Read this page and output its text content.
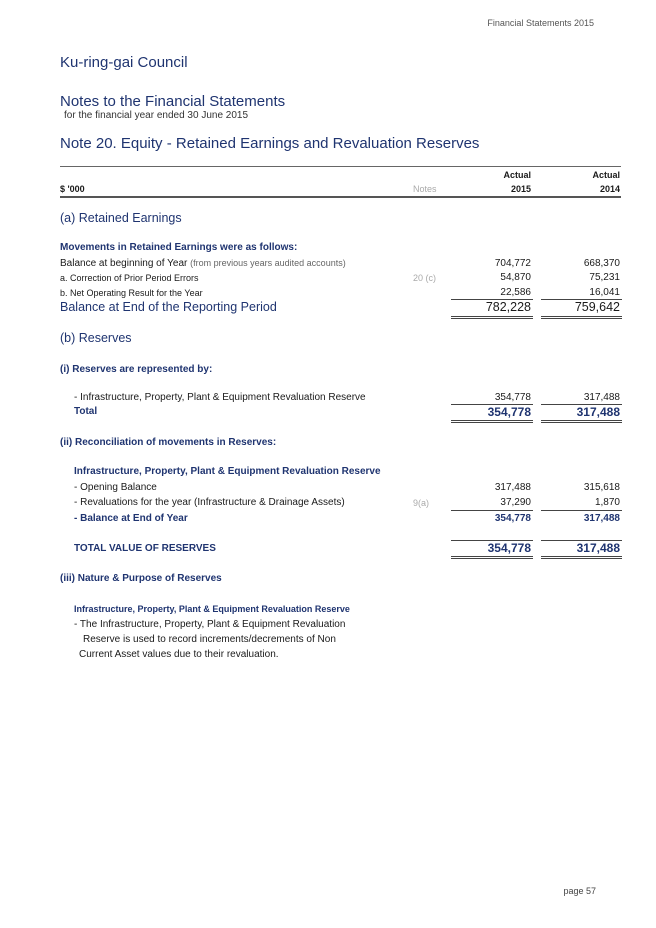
Financial Statements 2015
Ku-ring-gai Council
Notes to the Financial Statements
for the financial year ended 30 June 2015
Note 20. Equity - Retained Earnings and Revaluation Reserves
Actual	Actual
$ '000	Notes	2015	2014
(a) Retained Earnings
Movements in Retained Earnings were as follows:
Balance at beginning of Year (from previous years audited accounts)	704,772	668,370
a. Correction of Prior Period Errors	20 (c)	54,870	75,231
b. Net Operating Result for the Year	22,586	16,041
Balance at End of the Reporting Period	782,228	759,642
(b) Reserves
(i) Reserves are represented by:
- Infrastructure, Property, Plant & Equipment Revaluation Reserve	354,778	317,488
Total	354,778	317,488
(ii) Reconciliation of movements in Reserves:
Infrastructure, Property, Plant & Equipment Revaluation Reserve
- Opening Balance	317,488	315,618
- Revaluations for the year (Infrastructure & Drainage Assets)	9(a)	37,290	1,870
- Balance at End of Year	354,778	317,488
TOTAL VALUE OF RESERVES	354,778	317,488
(iii) Nature & Purpose of Reserves
Infrastructure, Property, Plant & Equipment Revaluation Reserve
- The Infrastructure, Property, Plant & Equipment Revaluation
Reserve is used to record increments/decrements of Non
Current Asset values due to their revaluation.
page 57
